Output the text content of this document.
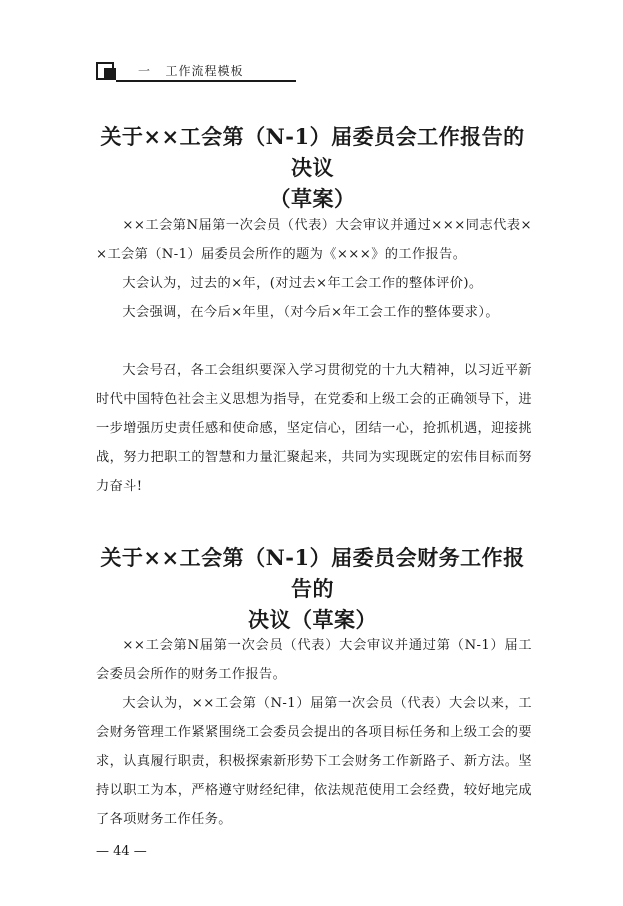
一   工作流程模板
关于××工会第（N-1）届委员会工作报告的决议
（草案）
××工会第N届第一次会员（代表）大会审议并通过×××同志代表× ×工会第（N-1）届委员会所作的题为《×××》的工作报告。
大会认为，过去的×年，(对过去×年工会工作的整体评价)。
大会强调，在今后×年里，（对今后×年工会工作的整体要求）。
大会号召，各工会组织要深入学习贯彻党的十九大精神，以习近平新时代中国特色社会主义思想为指导，在党委和上级工会的正确领导下，进一步增强历史责任感和使命感，坚定信心，团结一心，抢抓机遇，迎接挑战，努力把职工的智慧和力量汇聚起来，共同为实现既定的宏伟目标而努力奋斗!
关于××工会第（N-1）届委员会财务工作报告的
决议（草案）
××工会第N届第一次会员（代表）大会审议并通过第（N-1）届工会委员会所作的财务工作报告。
大会认为，××工会第（N-1）届第一次会员（代表）大会以来，工会财务管理工作紧紧围绕工会委员会提出的各项目标任务和上级工会的要求，认真履行职责，积极探索新形势下工会财务工作新路子、新方法。坚持以职工为本，严格遵守财经纪律，依法规范使用工会经费，较好地完成了各项财务工作任务。
— 44 —
